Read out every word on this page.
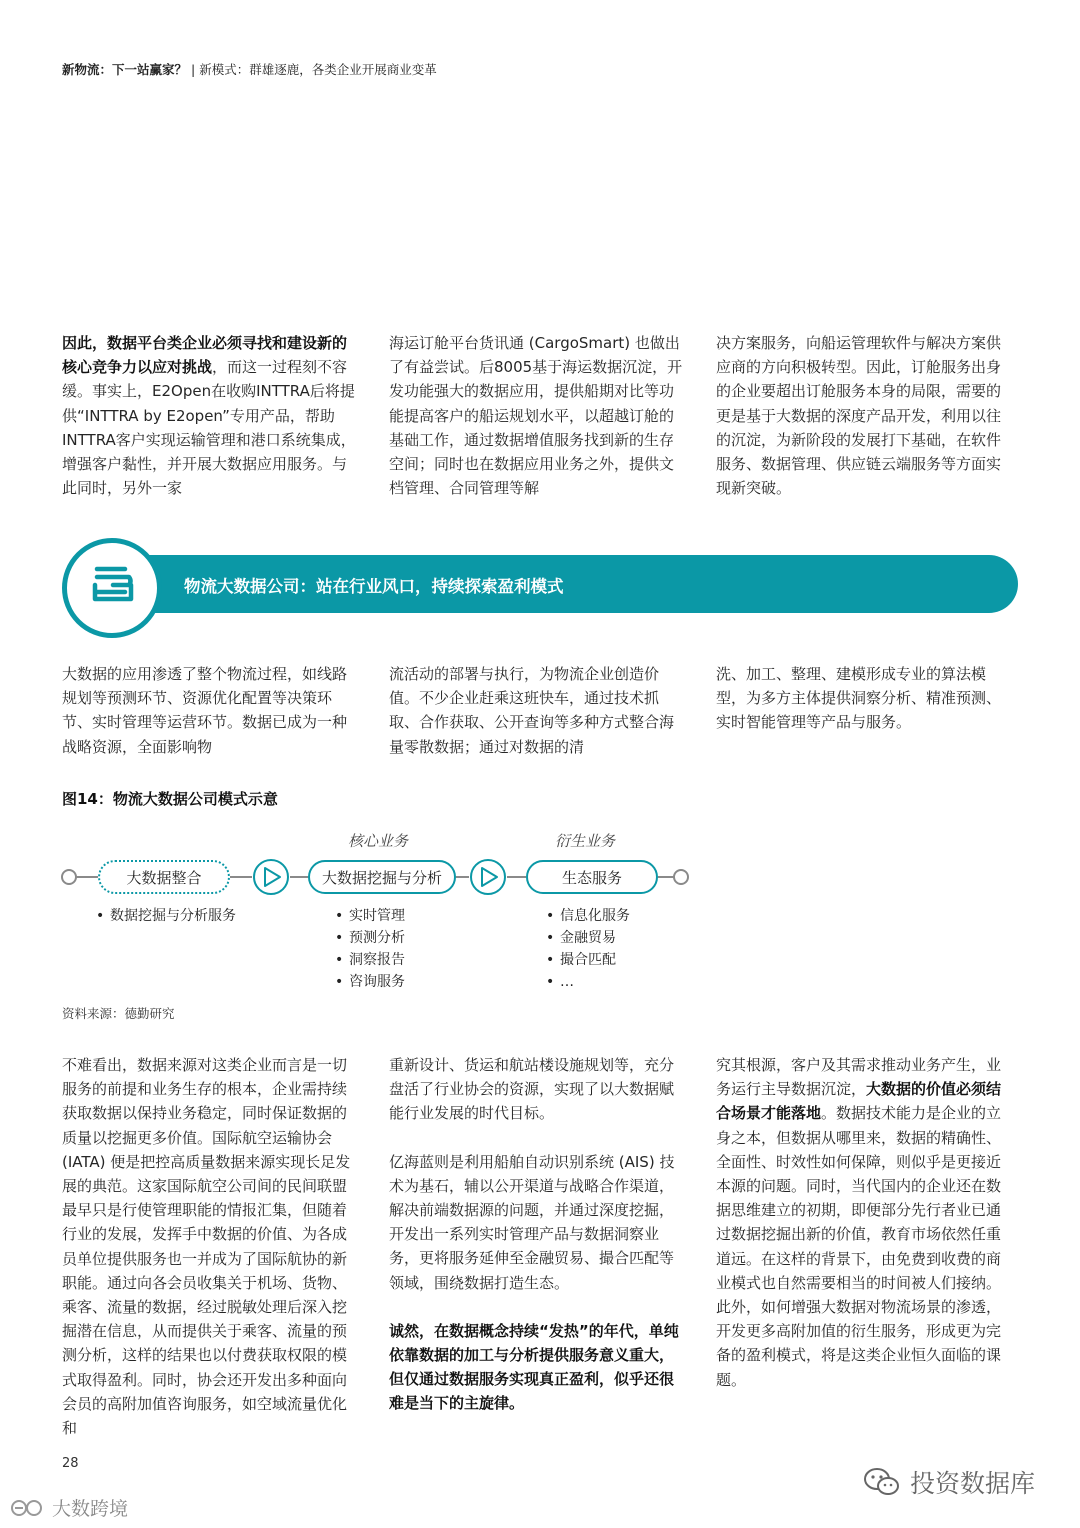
新物流：下一站赢家？ | 新模式：群雄逐鹿，各类企业开展商业变革

因此，数据平台类企业必须寻找和建设新的核心竞争力以应对挑战，而这一过程刻不容缓。事实上，E2Open在收购INTTRA后将提供“INTTRA by E2open”专用产品，帮助INTTRA客户实现运输管理和港口系统集成，增强客户黏性，并开展大数据应用服务。与此同时，另外一家

海运订舱平台货讯通 (CargoSmart) 也做出了有益尝试。后8005基于海运数据沉淀，开发功能强大的数据应用，提供船期对比等功能提高客户的船运规划水平，以超越订舱的基础工作，通过数据增值服务找到新的生存空间；同时也在数据应用业务之外，提供文档管理、合同管理等解

决方案服务，向船运管理软件与解决方案供应商的方向积极转型。因此，订舱服务出身的企业要超出订舱服务本身的局限，需要的更是基于大数据的深度产品开发，利用以往的沉淀，为新阶段的发展打下基础，在软件服务、数据管理、供应链云端服务等方面实现新突破。

物流大数据公司：站在行业风口，持续探索盈利模式

大数据的应用渗透了整个物流过程，如线路规划等预测环节、资源优化配置等决策环节、实时管理等运营环节。数据已成为一种战略资源，全面影响物

流活动的部署与执行，为物流企业创造价值。不少企业赶乘这班快车，通过技术抓取、合作获取、公开查询等多种方式整合海量零散数据；通过对数据的清

洗、加工、整理、建模形成专业的算法模型，为多方主体提供洞察分析、精准预测、实时智能管理等产品与服务。

图14：物流大数据公司模式示意
核心业务	衍生业务
大数据整合	大数据挖掘与分析	生态服务
• 数据挖掘与分析服务
•	实时管理
• 预测分析
• 洞察报告
• 咨询服务
• 信息化服务
• 金融贸易
• 撮合匹配
• …
资料来源：德勤研究

不难看出，数据来源对这类企业而言是一切服务的前提和业务生存的根本，企业需持续获取数据以保持业务稳定，同时保证数据的质量以挖掘更多价值。国际航空运输协会 (IATA) 便是把控高质量数据来源实现长足发展的典范。这家国际航空公司间的民间联盟最早只是行使管理职能的情报汇集，但随着行业的发展，发挥手中数据的价值、为各成员单位提供服务也一并成为了国际航协的新职能。通过向各会员收集关于机场、货物、乘客、流量的数据，经过脱敏处理后深入挖掘潜在信息，从而提供关于乘客、流量的预测分析，这样的结果也以付费获取权限的模式取得盈利。同时，协会还开发出多种面向会员的高附加值咨询服务，如空域流量优化和

重新设计、货运和航站楼设施规划等，充分盘活了行业协会的资源，实现了以大数据赋能行业发展的时代目标。

亿海蓝则是利用船舶自动识别系统 (AIS) 技术为基石，辅以公开渠道与战略合作渠道，解决前端数据源的问题，并通过深度挖掘，开发出一系列实时管理产品与数据洞察业务，更将服务延伸至金融贸易、撮合匹配等领域，围绕数据打造生态。

诚然，在数据概念持续“发热”的年代，单纯依靠数据的加工与分析提供服务意义重大，但仅通过数据服务实现真正盈利，似乎还很难是当下的主旋律。

究其根源，客户及其需求推动业务产生，业务运行主导数据沉淀，大数据的价值必须结合场景才能落地。数据技术能力是企业的立身之本，但数据从哪里来，数据的精确性、全面性、时效性如何保障，则似乎是更接近本源的问题。同时，当代国内的企业还在数据思维建立的初期，即便部分先行者业已通过数据挖掘出新的价值，教育市场依然任重道远。在这样的背景下，由免费到收费的商业模式也自然需要相当的时间被人们接纳。此外，如何增强大数据对物流场景的渗透，开发更多高附加值的衍生服务，形成更为完备的盈利模式，将是这类企业恒久面临的课题。

28
大数跨境
投资数据库
